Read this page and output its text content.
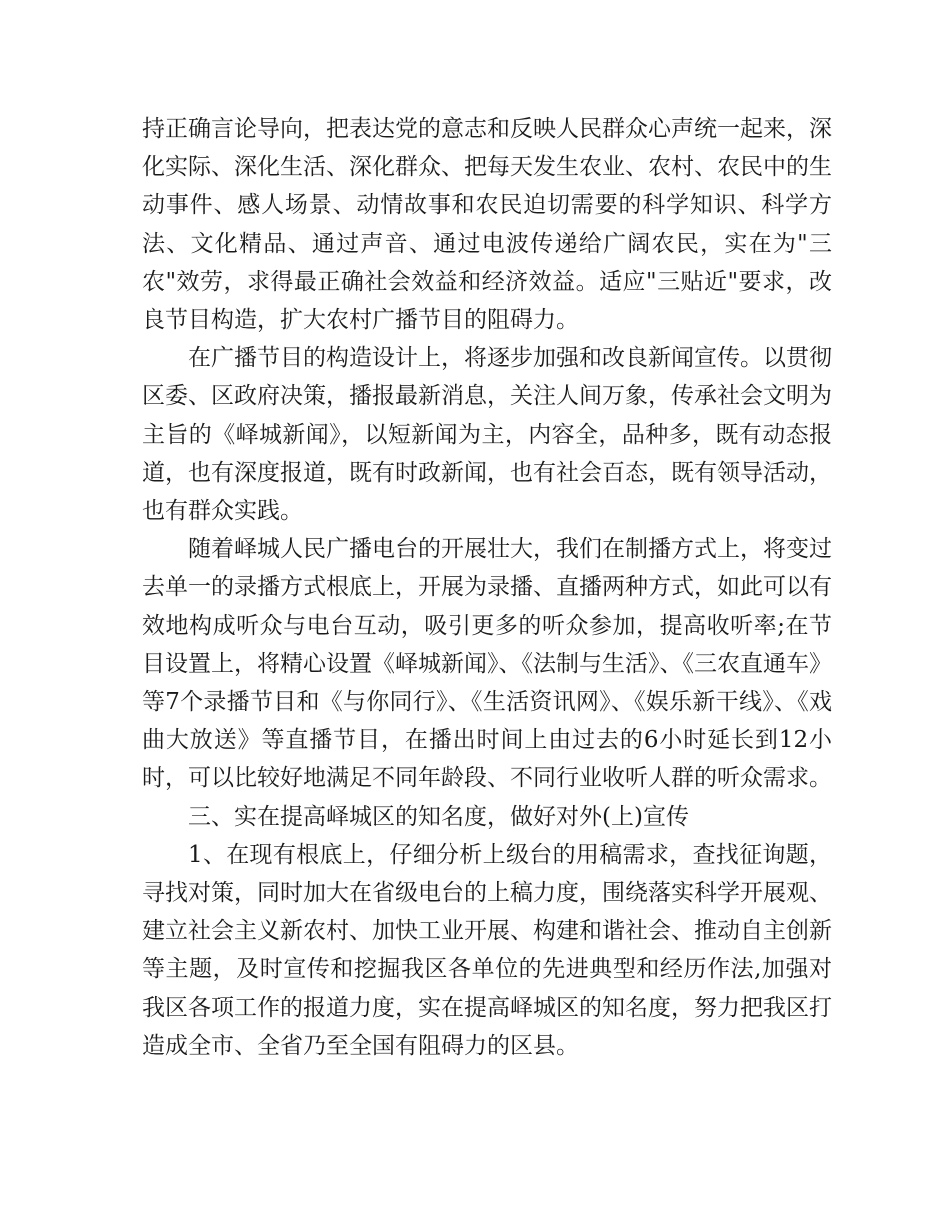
持正确言论导向，把表达党的意志和反映人民群众心声统一起来，深化实际、深化生活、深化群众、把每天发生农业、农村、农民中的生动事件、感人场景、动情故事和农民迫切需要的科学知识、科学方法、文化精品、通过声音、通过电波传递给广阔农民，实在为"三农"效劳，求得最正确社会效益和经济效益。适应"三贴近"要求，改良节目构造，扩大农村广播节目的阻碍力。

在广播节目的构造设计上，将逐步加强和改良新闻宣传。以贯彻区委、区政府决策，播报最新消息，关注人间万象，传承社会文明为主旨的《峄城新闻》，以短新闻为主，内容全，品种多，既有动态报道，也有深度报道，既有时政新闻，也有社会百态，既有领导活动，也有群众实践。

随着峄城人民广播电台的开展壮大，我们在制播方式上，将变过去单一的录播方式根底上，开展为录播、直播两种方式，如此可以有效地构成听众与电台互动，吸引更多的听众参加，提高收听率;在节目设置上，将精心设置《峄城新闻》、《法制与生活》、《三农直通车》等7个录播节目和《与你同行》、《生活资讯网》、《娱乐新干线》、《戏曲大放送》等直播节目，在播出时间上由过去的6小时延长到12小时，可以比较好地满足不同年龄段、不同行业收听人群的听众需求。

三、实在提高峄城区的知名度，做好对外(上)宣传

1、在现有根底上，仔细分析上级台的用稿需求，查找征询题，寻找对策，同时加大在省级电台的上稿力度，围绕落实科学开展观、建立社会主义新农村、加快工业开展、构建和谐社会、推动自主创新等主题，及时宣传和挖掘我区各单位的先进典型和经历作法,加强对我区各项工作的报道力度，实在提高峄城区的知名度，努力把我区打造成全市、全省乃至全国有阻碍力的区县。
